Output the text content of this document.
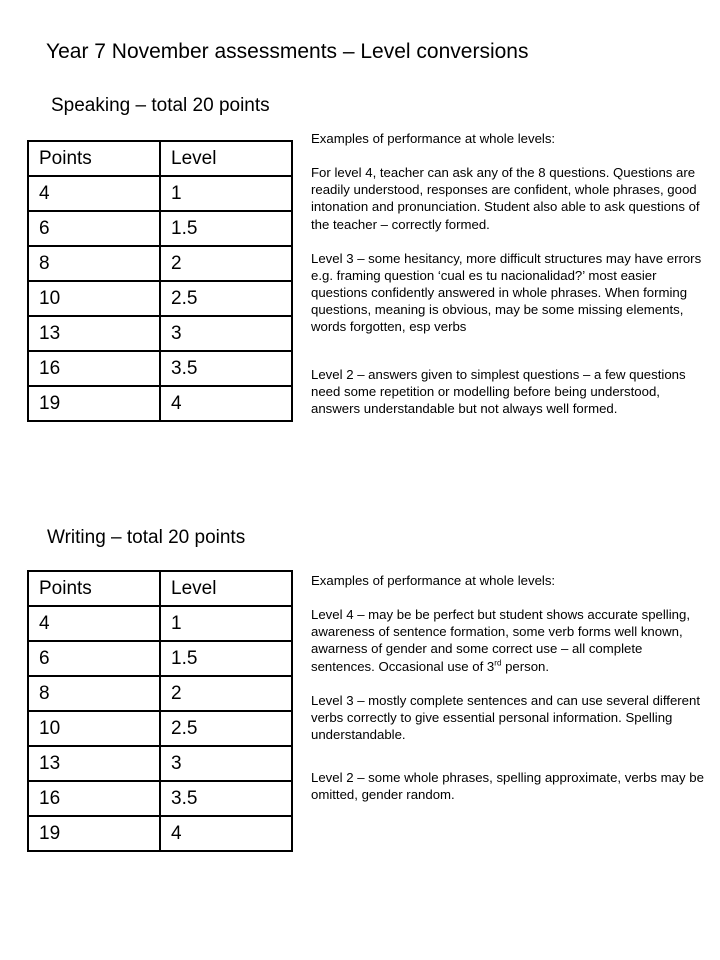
Year 7 November assessments – Level conversions
Speaking – total 20 points
Points	Level
4	1
6	1.5
8	2
10	2.5
13	3
16	3.5
19	4

Examples of performance at whole levels:

For level 4, teacher can ask any of the 8 questions. Questions are readily understood, responses are confident, whole phrases, good intonation and pronunciation. Student also able to ask questions of the teacher – correctly formed.

Level 3 – some hesitancy, more difficult structures may have errors e.g. framing question ‘cual es tu nacionalidad?’ most easier questions confidently answered in whole phrases. When forming questions, meaning is obvious, may be some missing elements, words forgotten, esp verbs

Level 2 – answers given to simplest questions – a few questions need some repetition or modelling before being understood, answers understandable but not always well formed.

Writing – total 20 points
Points	Level
4	1
6	1.5
8	2
10	2.5
13	3
16	3.5
19	4

Examples of performance at whole levels:

Level 4 – may be be perfect but student shows accurate spelling, awareness of sentence formation, some verb forms well known, awarness of gender and some correct use – all complete sentences. Occasional use of 3rd person.

Level 3 – mostly complete sentences and can use several different verbs correctly to give essential personal information. Spelling understandable.

Level 2 – some whole phrases, spelling approximate, verbs may be omitted, gender random.
